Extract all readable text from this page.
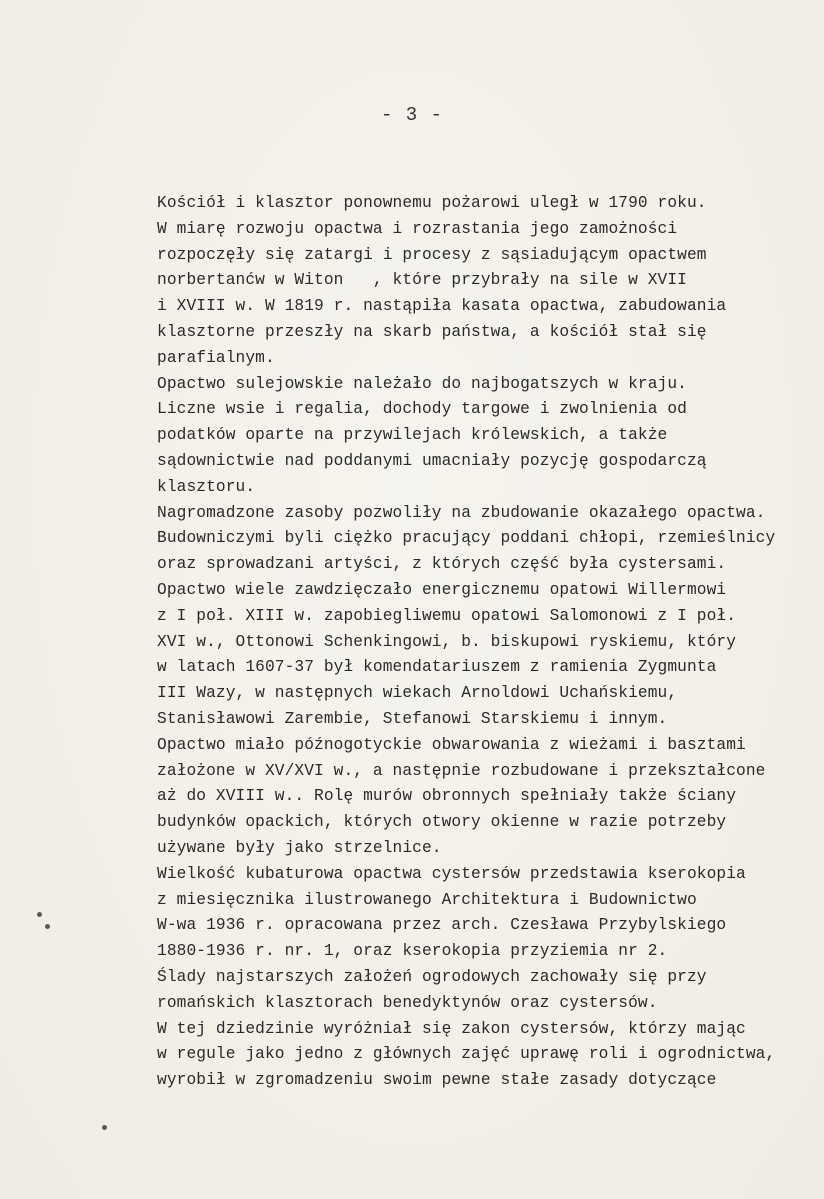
- 3 -
Kościół i klasztor ponownemu pożarowi uległ w 1790 roku.
W miarę rozwoju opactwa i rozrastania jego zamożności
rozpoczęły się zatargi i procesy z sąsiadującym opactwem
norbertanćw w Witon   , które przybrały na sile w XVII
i XVIII w. W 1819 r. nastąpiła kasata opactwa, zabudowania
klasztorne przeszły na skarb państwa, a kościół stał się
parafialnym.
Opactwo sulejowskie należało do najbogatszych w kraju.
Liczne wsie i regalia, dochody targowe i zwolnienia od
podatków oparte na przywilejach królewskich, a także
sądownictwie nad poddanymi umacniały pozycję gospodarczą
klasztoru.
Nagromadzone zasoby pozwoliły na zbudowanie okazałego opactwa.
Budowniczymi byli ciężko pracujący poddani chłopi, rzemieślnicy
oraz sprowadzani artyści, z których część była cystersami.
Opactwo wiele zawdzięczało energicznemu opatowi Willermowi
z I poł. XIII w. zapobiegliwemu opatowi Salomonowi z I poł.
XVI w., Ottonowi Schenkingowi, b. biskupowi ryskiemu, który
w latach 1607-37 był komendatariuszem z ramienia Zygmunta
III Wazy, w następnych wiekach Arnoldowi Uchańskiemu,
Stanisławowi Zarembie, Stefanowi Starskiemu i innym.
Opactwo miało późnogotyckie obwarowania z wieżami i basztami
założone w XV/XVI w., a następnie rozbudowane i przekształcone
aż do XVIII w.. Rolę murów obronnych spełniały także ściany
budynków opackich, których otwory okienne w razie potrzeby
używane były jako strzelnice.
Wielkość kubaturowa opactwa cystersów przedstawia kserokopia
z miesięcznika ilustrowanego Architektura i Budownictwo
W-wa 1936 r. opracowana przez arch. Czesława Przybylskiego
1880-1936 r. nr. 1, oraz kserokopia przyziemia nr 2.
Ślady najstarszych założeń ogrodowych zachowały się przy
romańskich klasztorach benedyktynów oraz cystersów.
W tej dziedzinie wyróżniał się zakon cystersów, którzy mając
w regule jako jedno z głównych zajęć uprawę roli i ogrodnictwa,
wyrobił w zgromadzeniu swoim pewne stałe zasady dotyczące
